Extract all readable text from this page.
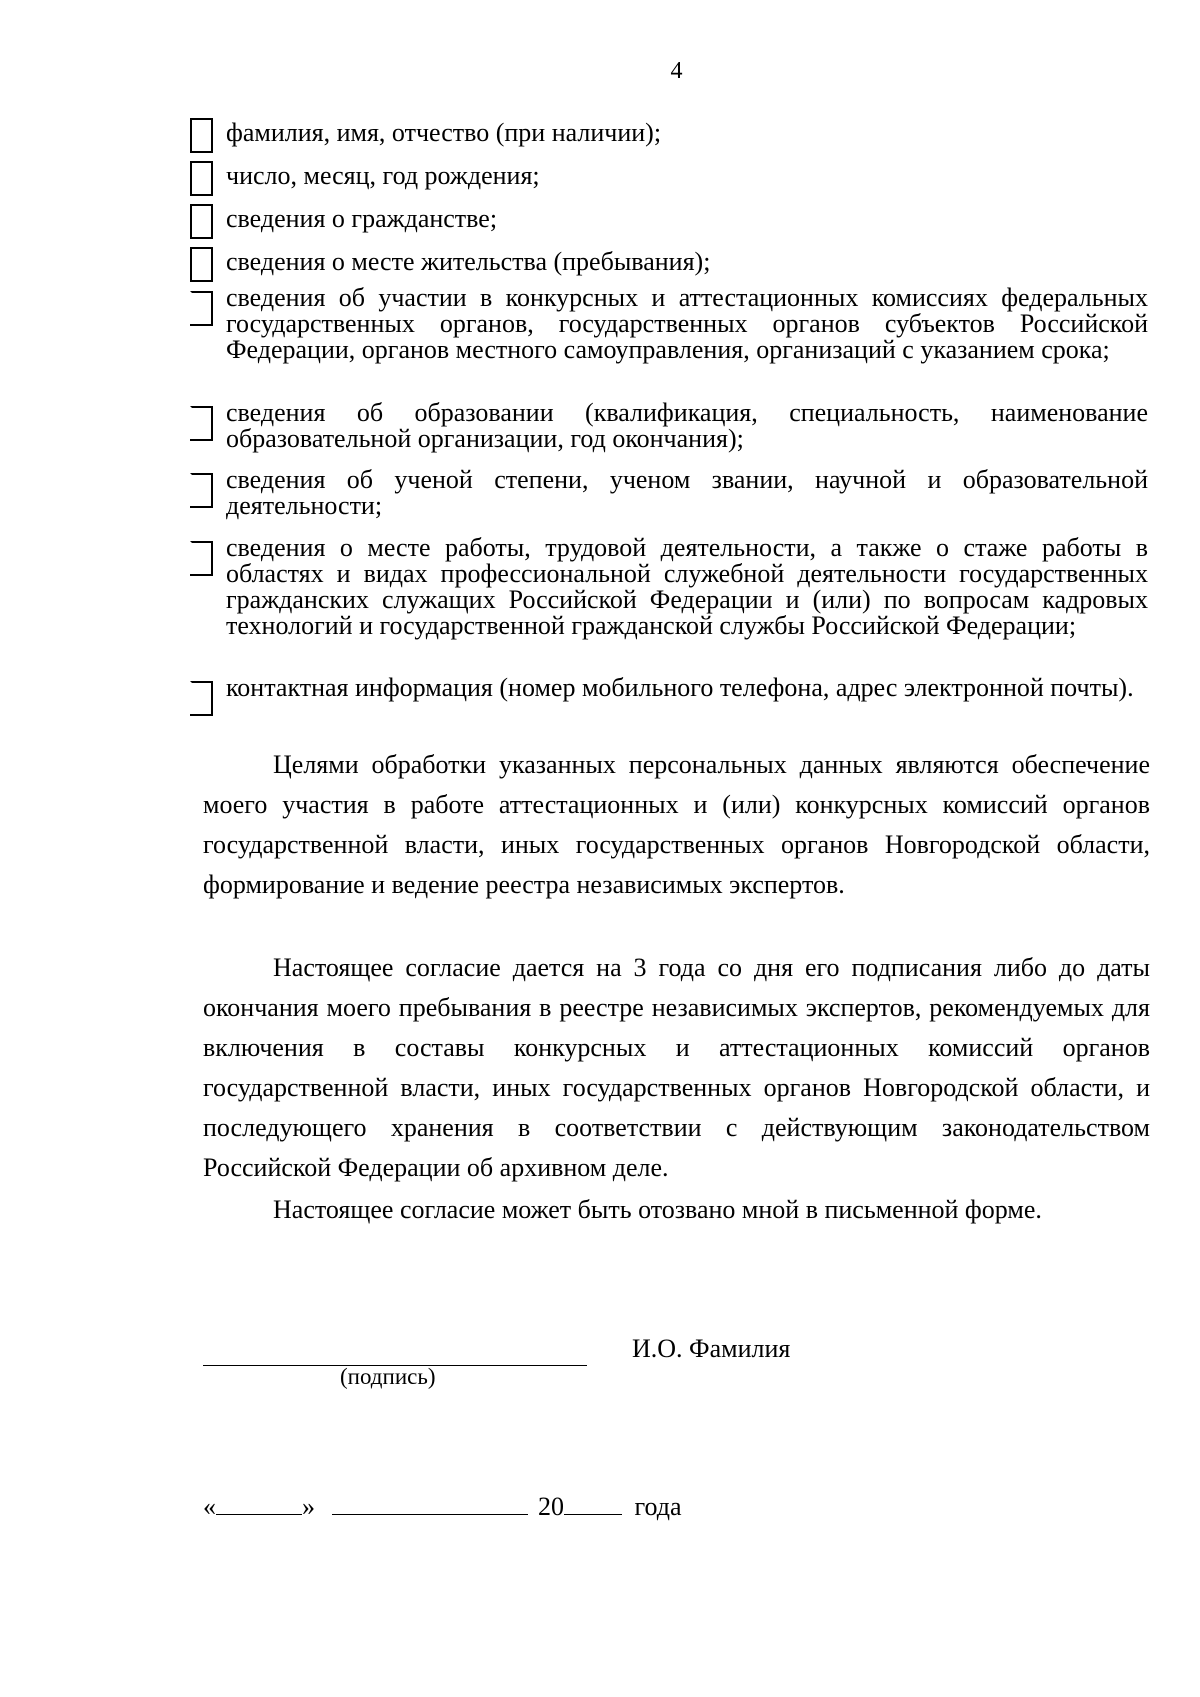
4
фамилия, имя, отчество (при наличии);
число, месяц, год рождения;
сведения о гражданстве;
сведения о месте жительства (пребывания);
сведения об участии в конкурсных и аттестационных комиссиях федеральных государственных органов, государственных органов субъектов Российской Федерации, органов местного самоуправления, организаций с указанием срока;
сведения об образовании (квалификация, специальность, наименование образовательной организации, год окончания);
сведения об ученой степени, ученом звании, научной и образовательной деятельности;
сведения о месте работы, трудовой деятельности, а также о стаже работы в областях и видах профессиональной служебной деятельности государственных гражданских служащих Российской Федерации и (или) по вопросам кадровых технологий и государственной гражданской службы Российской Федерации;
контактная информация (номер мобильного телефона, адрес электронной почты).

Целями обработки указанных персональных данных являются обеспечение моего участия в работе аттестационных и (или) конкурсных комиссий органов государственной власти, иных государственных органов Новгородской области, формирование и ведение реестра независимых экспертов.

Настоящее согласие дается на 3 года со дня его подписания либо до даты окончания моего пребывания в реестре независимых экспертов, рекомендуемых для включения в составы конкурсных и аттестационных комиссий органов государственной власти, иных государственных органов Новгородской области, и последующего хранения в соответствии с действующим законодательством Российской Федерации об архивном деле.

Настоящее согласие может быть отозвано мной в письменной форме.

(подпись)
И.О. Фамилия
«	»	20	года
